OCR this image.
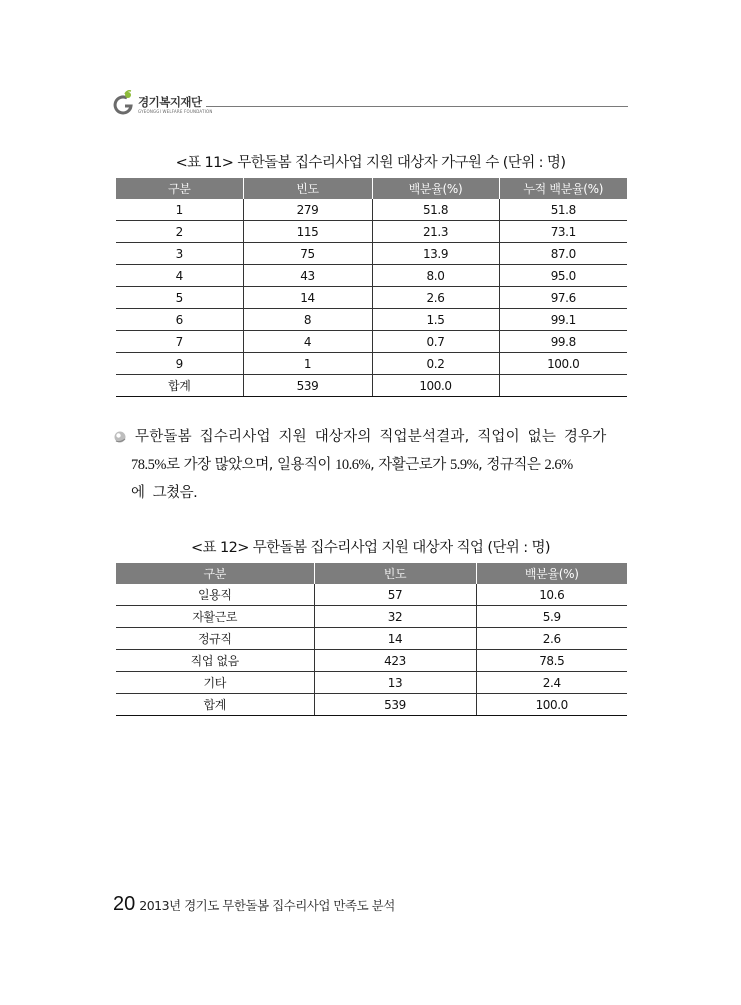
경기복지재단
GYEONGGI WELFARE FOUNDATION
<표 11> 무한돌봄 집수리사업 지원 대상자 가구원 수 (단위 : 명)
구분	빈도	백분율(%)	누적 백분율(%)
1	279	51.8	51.8
2	115	21.3	73.1
3	75	13.9	87.0
4	43	8.0	95.0
5	14	2.6	97.6
6	8	1.5	99.1
7	4	0.7	99.8
9	1	0.2	100.0
합계	539	100.0	
무한돌봄 집수리사업 지원 대상자의 직업분석결과, 직업이 없는 경우가
78.5%로 가장 많았으며, 일용직이 10.6%, 자활근로가 5.9%, 정규직은 2.6%
에 그쳤음.
<표 12> 무한돌봄 집수리사업 지원 대상자 직업 (단위 : 명)
구분	빈도	백분율(%)
일용직	57	10.6
자활근로	32	5.9
정규직	14	2.6
직업 없음	423	78.5
기타	13	2.4
합계	539	100.0
20 2013년 경기도 무한돌봄 집수리사업 만족도 분석
